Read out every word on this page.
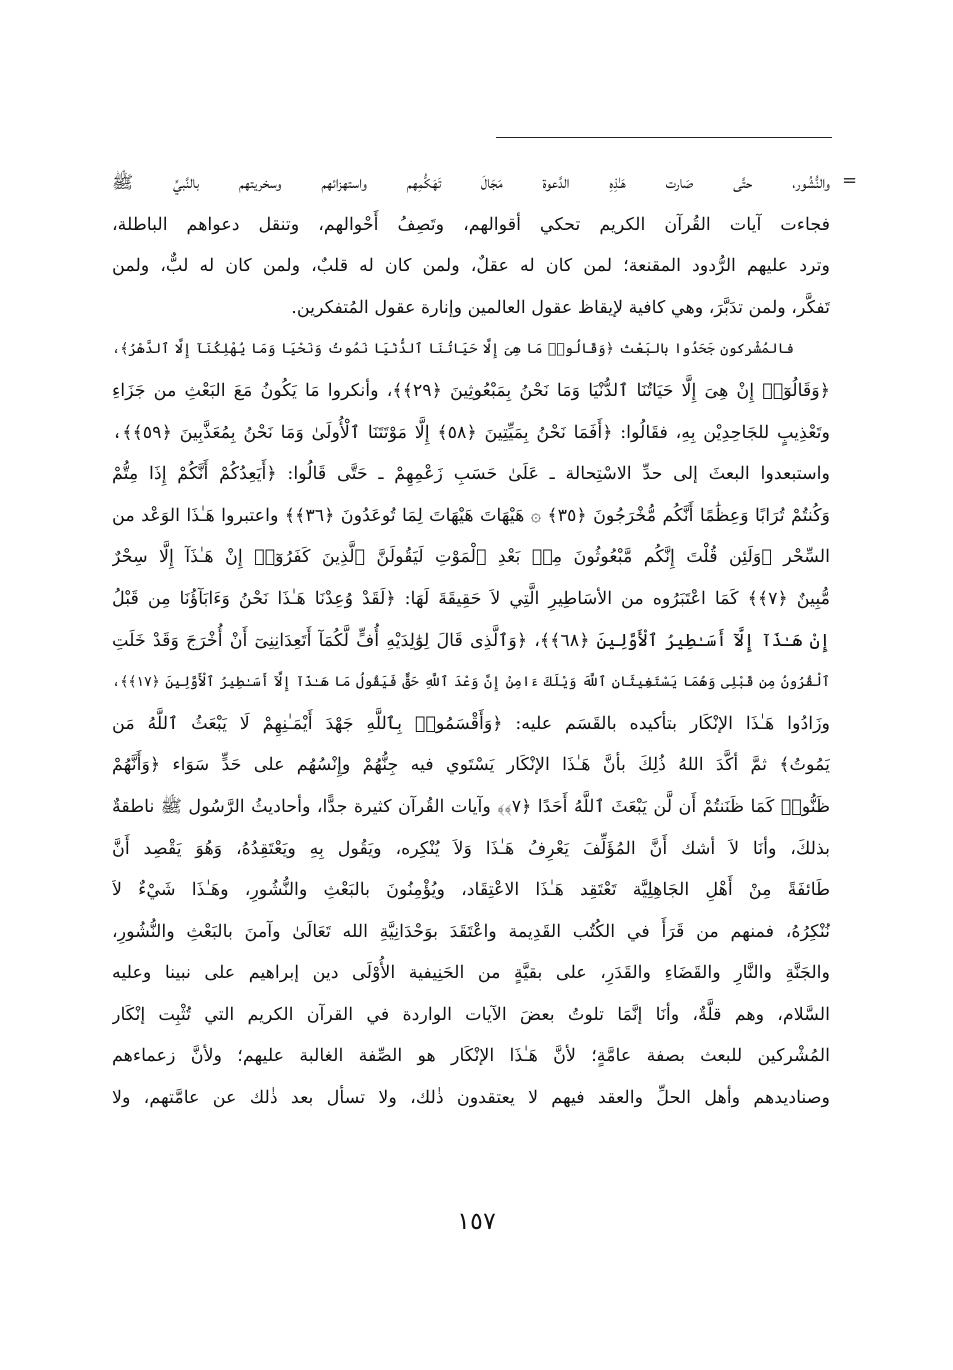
=
والنُّشُور، حتَّى صَارت هَـٰذِهِ الدَّعوة مَجَالَ تَهَكُّمِهم واستهزائهم وسخريتهم بالنَّبيِّ ﷺ
فجاءت آيات القُرآن الكريم تحكي أقوالهم، وتَصِفُ أَحْوالهم، وتنقل دعواهم الباطلة،
وترد عليهم الرُّدود المقنعة؛ لمن كان له عقلٌ، ولمن كان له قلبٌ، ولمن كان له لبٌّ، ولمن
تَفكَّر، ولمن تدَبَّرَ، وهي كافية لإيقاظ عقول العالمين وإنارة عقول المُتفكرين.
فالمُشْركون جَحَدُوا بالبَعْث ﴿وَقَالُوا۟ مَا هِىَ إِلَّا حَيَاتُنَا ٱلدُّنْيَا نَمُوتُ وَنَحْيَا وَمَا يُهْلِكُنَآ إِلَّا ٱلدَّهْرُ﴾،
﴿وَقَالُوٓا۟ إِنْ هِىَ إِلَّا حَيَاتُنَا ٱلدُّنْيَا وَمَا نَحْنُ بِمَبْعُوثِينَ ﴿٢٩﴾﴾، وأنكروا مَا يَكُونُ مَعَ البَعْثِ من جَزَاءِ
وتَعْذِيبٍ للجَاحِدِيْن بِهِ، فقَالُوا: ﴿أَفَمَا نَحْنُ بِمَيِّتِينَ ﴿٥٨﴾ إِلَّا مَوْتَتَنَا ٱلْأُولَىٰ وَمَا نَحْنُ بِمُعَذَّبِينَ ﴿٥٩﴾﴾،
واستبعدوا البعثَ إلى حدِّ الاسْتِحالة ـ عَلَىٰ حَسَبِ زَعْمِهِمْ ـ حَتَّى قَالُوا: ﴿أَيَعِدُكُمْ أَنَّكُمْ إِذَا مِتُّمْ
وَكُنتُمْ تُرَابًا وَعِظَٰمًا أَنَّكُم مُّخْرَجُونَ ﴿٣٥﴾ ۞ هَيْهَاتَ هَيْهَاتَ لِمَا تُوعَدُونَ ﴿٣٦﴾﴾ واعتبروا هَـٰذَا الوَعْد من
السِّحْر ﴿وَلَئِن قُلْتَ إِنَّكُم مَّبْعُوثُونَ مِنۢ بَعْدِ ٱلْمَوْتِ لَيَقُولَنَّ ٱلَّذِينَ كَفَرُوٓا۟ إِنْ هَـٰذَآ إِلَّا سِحْرٌ
مُّبِينٌ ﴿٧﴾﴾ كَمَا اعْتَبَرُوه من الأسَاطِيرِ الَّتِي لاَ حَقِيقَةَ لَهَا: ﴿لَقَدْ وُعِدْنَا هَـٰذَا نَحْنُ وَءَابَآؤُنَا مِن قَبْلُ
إِنْ هَـٰذَآ إِلَّآ أَسَـٰطِيرُ ٱلْأَوَّلِينَ ﴿٦٨﴾﴾، ﴿وَٱلَّذِى قَالَ لِوَٰلِدَيْهِ أُفٍّ لَّكُمَآ أَتَعِدَانِنِىٓ أَنْ أُخْرَجَ وَقَدْ خَلَتِ
ٱلْقُرُونُ مِن قَبْلِى وَهُمَا يَسْتَغِيثَانِ ٱللَّهَ وَيْلَكَ ءَامِنْ إِنَّ وَعْدَ ٱللَّهِ حَقٌّ فَيَقُولُ مَا هَـٰذَآ إِلَّآ أَسَـٰطِيرُ ٱلْأَوَّلِينَ ﴿١٧﴾﴾،
وزَادُوا هَـٰذَا الإنْكَار بتأكيده بالقَسَم عليه: ﴿وَأَقْسَمُوا۟ بِٱللَّهِ جَهْدَ أَيْمَـٰنِهِمْ لَا يَبْعَثُ ٱللَّهُ مَن
يَمُوتُ﴾ ثمَّ أكَّدَ اللهُ ذُلِكَ بأنَّ هَـٰذَا الإنْكَار يَسْتَوي فيه جِنُّهُمْ وإِنْسُهُم على حَدٍّ سَوَاء ﴿وَأَنَّهُمْ
ظَنُّوا۟ كَمَا ظَنَنتُمْ أَن لَّن يَبْعَثَ ٱللَّهُ أَحَدًا ﴿٧﴾﴾ وآيات القُرآن كثيرة جدًّا، وأحاديثُ الرَّسُول ﷺ ناطقةٌ
بذلكَ، وأنَا لاَ أشك أَنَّ المُؤَلِّفَ يَعْرِفُ هَـٰذَا وَلاَ يُنْكِره، ويَقُول بِهِ ويَعْتَقِدُهُ، وَهُوَ يَقْصِد أَنَّ
طَائفَةً مِنْ أَهْلِ الجَاهِلِيَّة تَعْتَقِد هَـٰذَا الاعْتِقَاد، ويُؤْمِنُونَ بالبَعْثِ والنُّشُورِ، وهَـٰذَا شَيْءٌ لاَ
نُنْكِرُهُ، فمنهم من قَرَأَ في الكُتُب القَدِيمة واعْتَقَدَ بوَحْدَانِيَّةِ الله تَعَالَىٰ وآمنَ بالبَعْثِ والنُّشُورِ،
والجَنَّةِ والنَّارِ والقَضَاءِ والقَدَرِ، على بقيَّةٍ من الحَنِيفية الأُوْلَى دين إبراهيم على نبينا وعليه
السَّلام، وهم قلَّةٌ، وأنَا إنَّمَا تلوتُ بعضَ الآيات الواردة في القرآن الكريم التي تُثْبِت إنْكَار
المُشْركين للبعث بصفة عامَّةٍ؛ لأنَّ هَـٰذَا الإنْكَار هو الصِّفة الغالبة عليهم؛ ولأنَّ زعماءهم
وصناديدهم وأهل الحلِّ والعقد فيهم لا يعتقدون ذٰلك، ولا تسأل بعد ذٰلك عن عامَّتهم، ولا
١٥٧
